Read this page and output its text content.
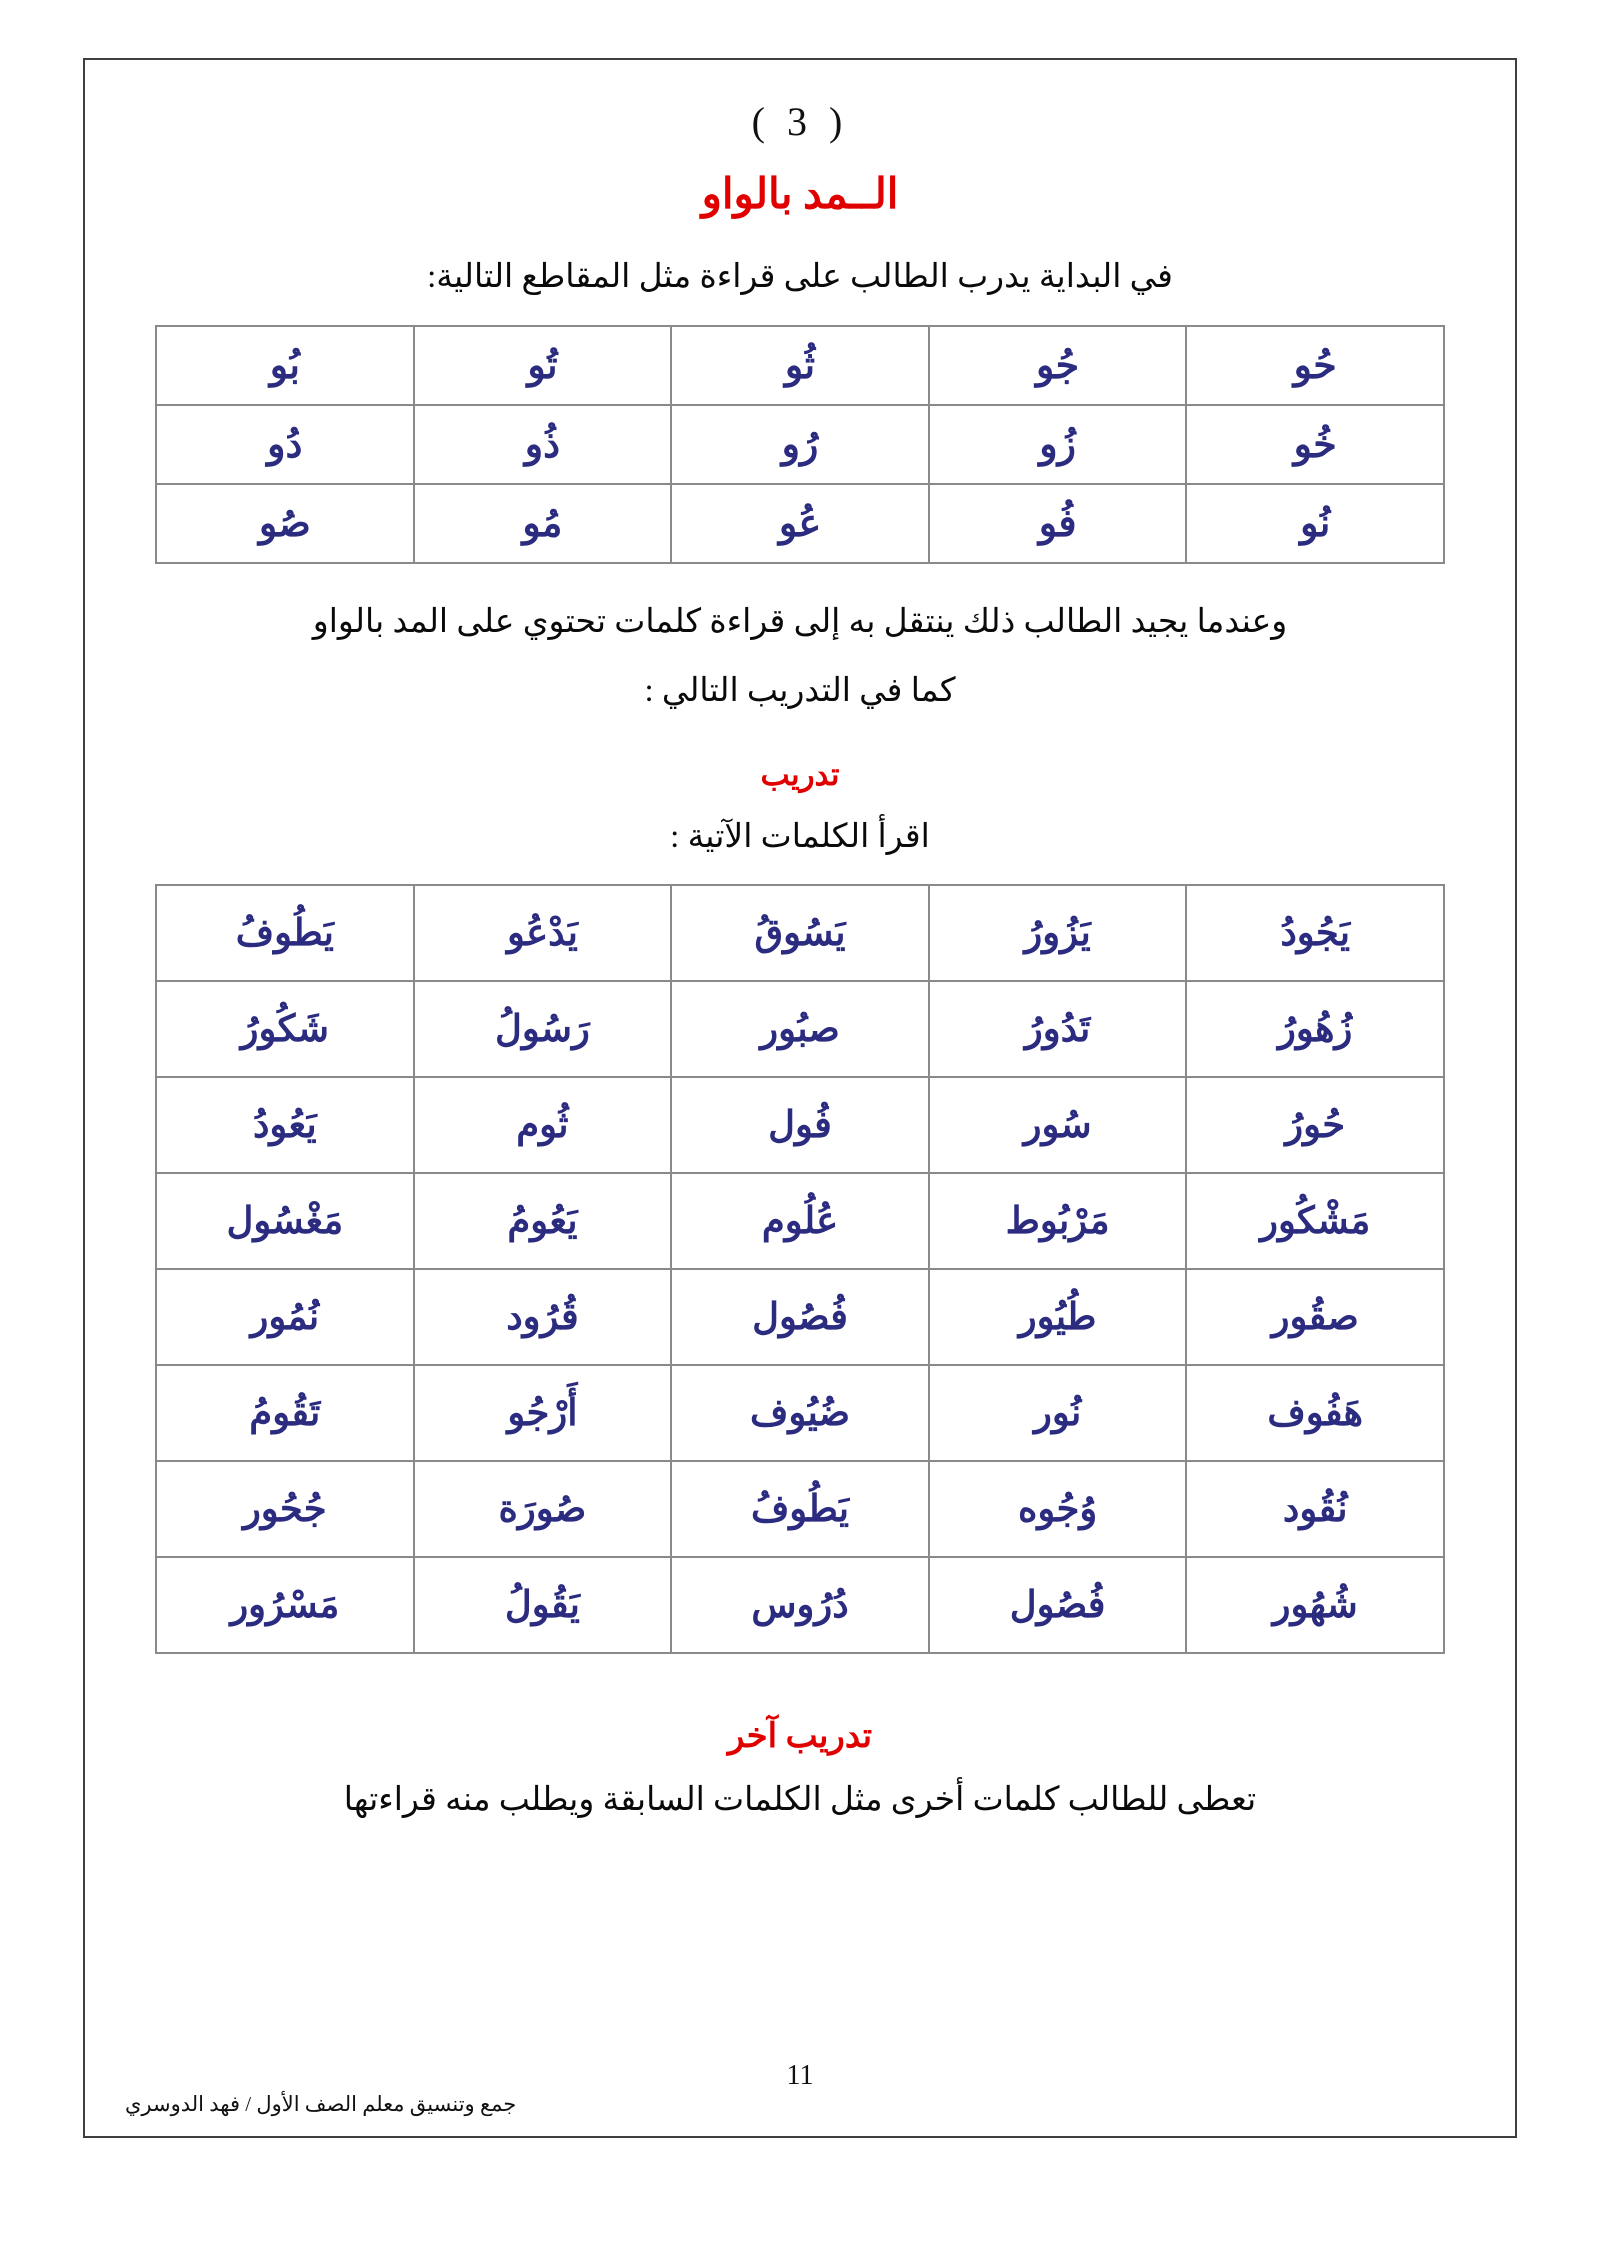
( 3 )
الــمد بالواو
في البداية يدرب الطالب على قراءة مثل المقاطع التالية:
حُو	جُو	ثُو	تُو	بُو
خُو	زُو	رُو	ذُو	دُو
نُو	فُو	عُو	مُو	صُو
وعندما يجيد الطالب ذلك ينتقل به إلى قراءة كلمات تحتوي على المد بالواو
كما في التدريب التالي :
تدريب
اقرأ الكلمات الآتية :
يَجُودُ	يَزُورُ	يَسُوقُ	يَدْعُو	يَطُوفُ
زُهُورُ	تَدُورُ	صبُور	رَسُولُ	شَكُورُ
حُورُ	سُور	فُول	ثُوم	يَعُودُ
مَشْكُور	مَرْبُوط	عُلُوم	يَعُومُ	مَغْسُول
صقُور	طُيُور	فُصُول	قُرُود	نُمُور
هَفُوف	نُور	ضُيُوف	أَرْجُو	تَقُومُ
نُقُود	وُجُوه	يَطُوفُ	صُورَة	جُحُور
شُهُور	فُصُول	دُرُوس	يَقُولُ	مَسْرُور
تدريب آخر
تعطى للطالب كلمات أخرى مثل الكلمات السابقة ويطلب منه قراءتها
11
جمع وتنسيق معلم الصف الأول / فهد الدوسري
